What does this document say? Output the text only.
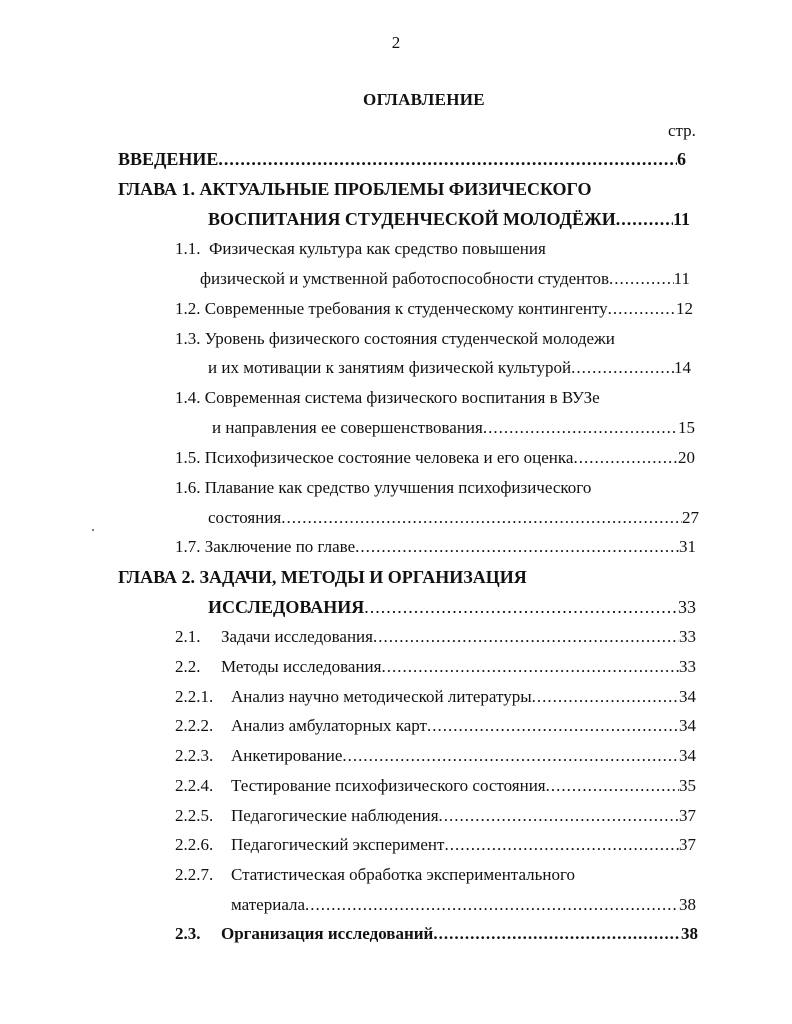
2
ОГЛАВЛЕНИЕ
стр.
ВВЕДЕНИЕ .....	6
ГЛАВА 1. АКТУАЛЬНЫЕ ПРОБЛЕМЫ ФИЗИЧЕСКОГО
ВОСПИТАНИЯ СТУДЕНЧЕСКОЙ МОЛОДЁЖИ .....	11
1.1. Физическая культура как средство повышения
физической и умственной работоспособности студентов .....	11
1.2. Современные требования к студенческому контингенту .....	12
1.3. Уровень физического состояния студенческой молодежи
и их мотивации к занятиям физической культурой .....	14
1.4. Современная система физического воспитания в ВУЗе
и направления ее совершенствования .....	15
1.5. Психофизическое состояние человека и его оценка .....	20
1.6. Плавание как средство улучшения психофизического
состояния .....	27
1.7. Заключение по главе .....	31
ГЛАВА 2. ЗАДАЧИ, МЕТОДЫ И ОРГАНИЗАЦИЯ
ИССЛЕДОВАНИЯ .....	33
2.1. Задачи исследования .....	33
2.2. Методы исследования .....	33
2.2.1. Анализ научно методической литературы .....	34
2.2.2. Анализ амбулаторных карт .....	34
2.2.3. Анкетирование .....	34
2.2.4. Тестирование психофизического состояния .....	35
2.2.5. Педагогические наблюдения .....	37
2.2.6. Педагогический эксперимент .....	37
2.2.7. Статистическая обработка экспериментального
материала .....	38
2.3. Организация исследований .....	38
